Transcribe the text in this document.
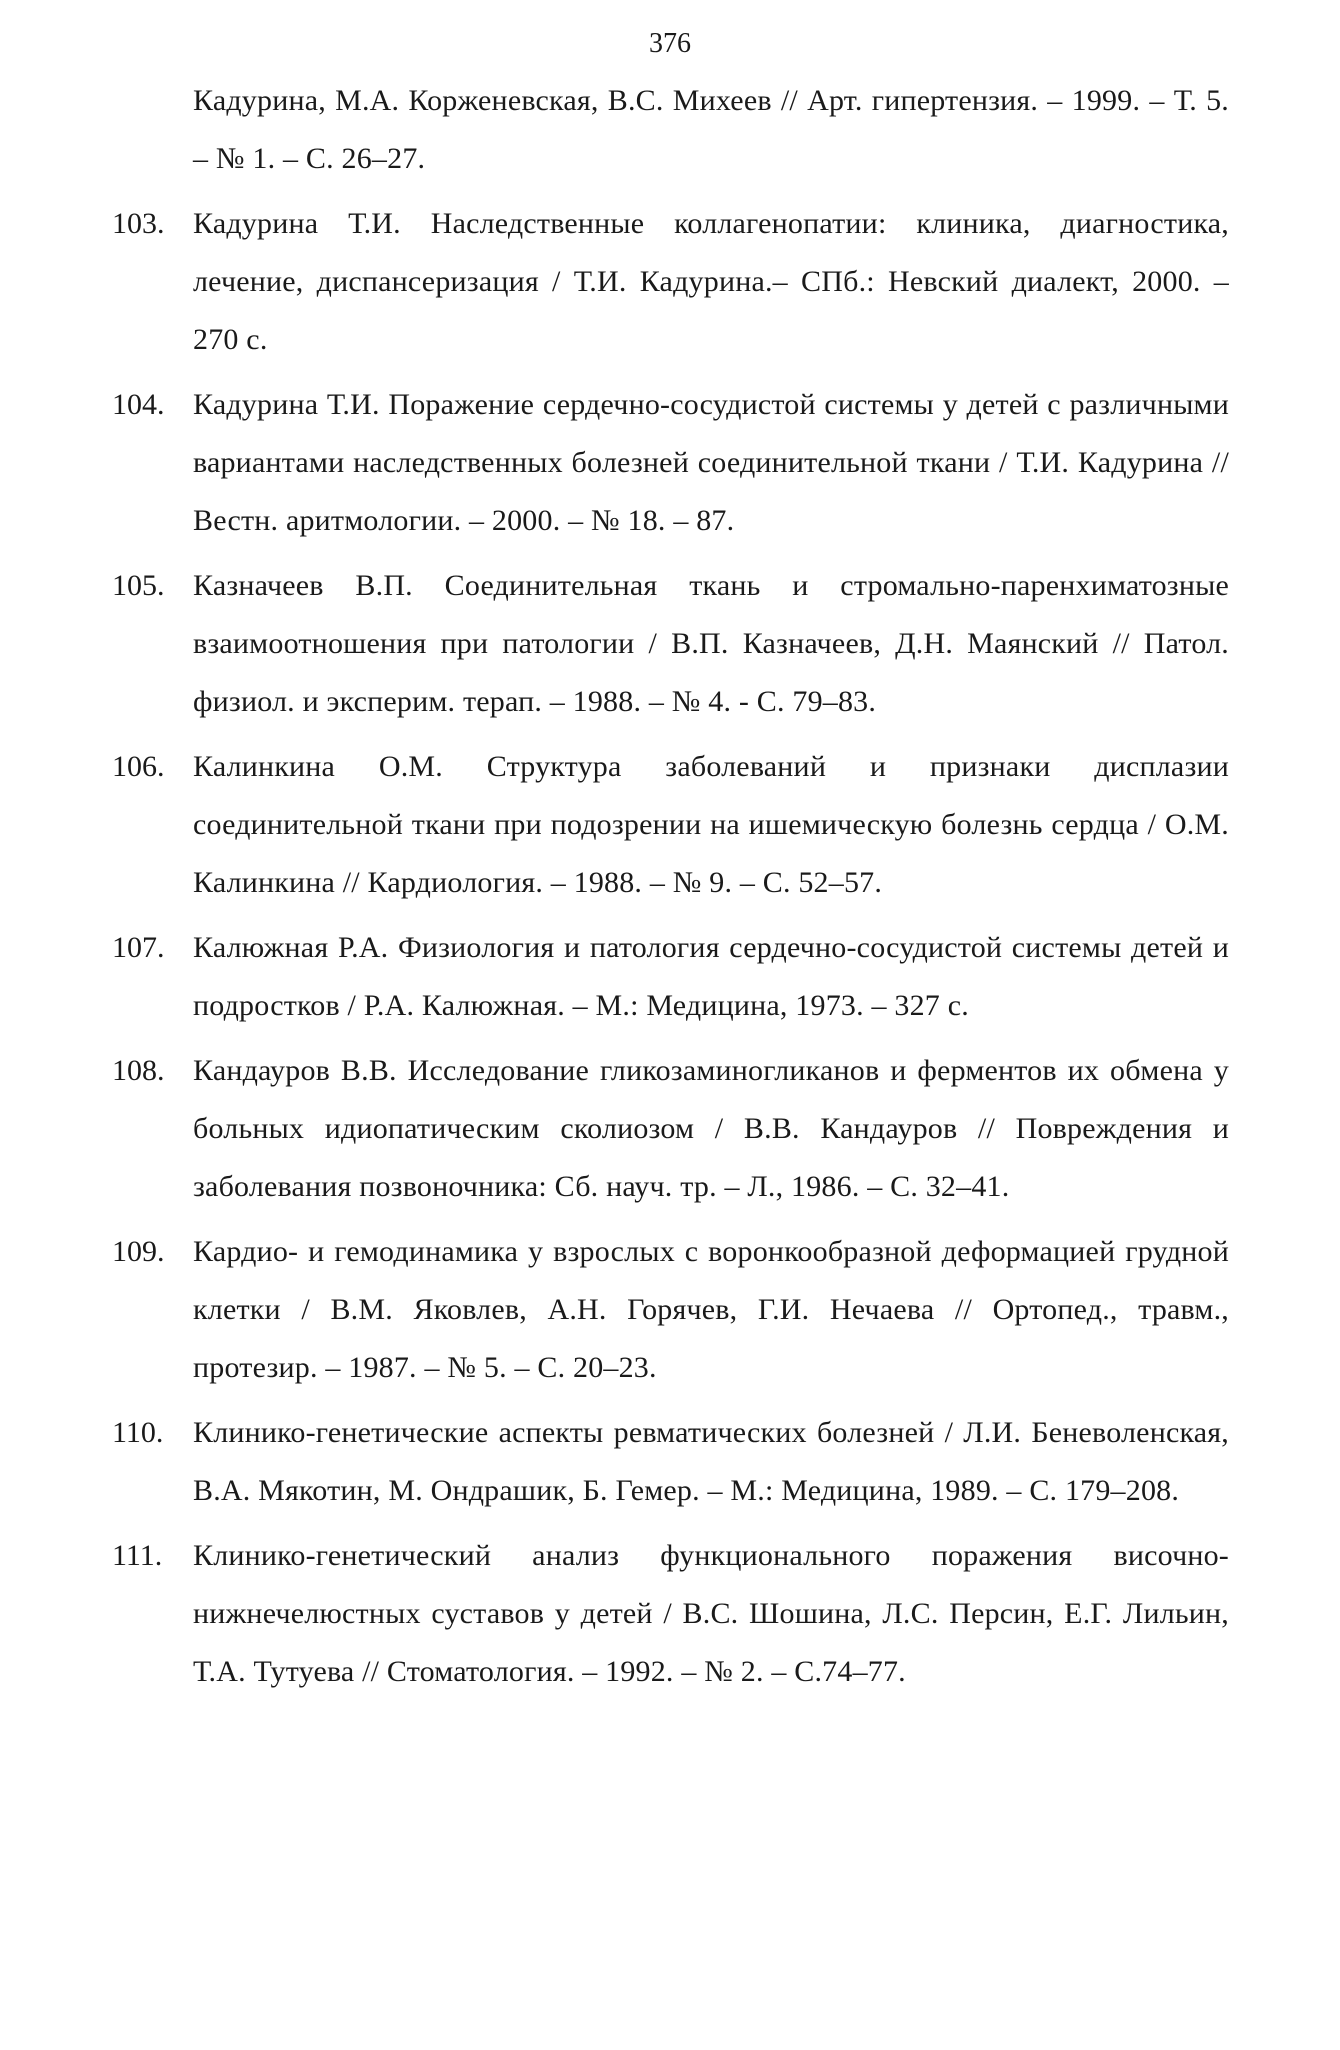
376
Кадурина, М.А. Корженевская, В.С. Михеев // Арт. гипертензия. – 1999. – Т. 5. – № 1. – С. 26–27.
103. Кадурина Т.И. Наследственные коллагенопатии: клиника, диагностика, лечение, диспансеризация / Т.И. Кадурина.– СПб.: Невский диалект, 2000. – 270 с.
104. Кадурина Т.И. Поражение сердечно-сосудистой системы у детей с различными вариантами наследственных болезней соединительной ткани / Т.И. Кадурина // Вестн. аритмологии. – 2000. – № 18. – 87.
105. Казначеев В.П. Соединительная ткань и стромально-паренхиматозные взаимоотношения при патологии / В.П. Казначеев, Д.Н. Маянский // Патол. физиол. и эксперим. терап. – 1988. – № 4. - С. 79–83.
106. Калинкина О.М. Структура заболеваний и признаки дисплазии соединительной ткани при подозрении на ишемическую болезнь сердца / О.М. Калинкина // Кардиология. – 1988. – № 9. – С. 52–57.
107. Калюжная Р.А. Физиология и патология сердечно-сосудистой системы детей и подростков / Р.А. Калюжная. – М.: Медицина, 1973. – 327 с.
108. Кандауров В.В. Исследование гликозаминогликанов и ферментов их обмена у больных идиопатическим сколиозом / В.В. Кандауров // Повреждения и заболевания позвоночника: Сб. науч. тр. – Л., 1986. – С. 32–41.
109. Кардио- и гемодинамика у взрослых с воронкообразной деформацией грудной клетки / В.М. Яковлев, А.Н. Горячев, Г.И. Нечаева // Ортопед., травм., протезир. – 1987. – № 5. – С. 20–23.
110. Клинико-генетические аспекты ревматических болезней / Л.И. Беневоленская, В.А. Мякотин, М. Ондрашик, Б. Гемер. – М.: Медицина, 1989. – С. 179–208.
111. Клинико-генетический анализ функционального поражения височно-нижнечелюстных суставов у детей / В.С. Шошина, Л.С. Персин, Е.Г. Лильин, Т.А. Тутуева // Стоматология. – 1992. – № 2. – С.74–77.
